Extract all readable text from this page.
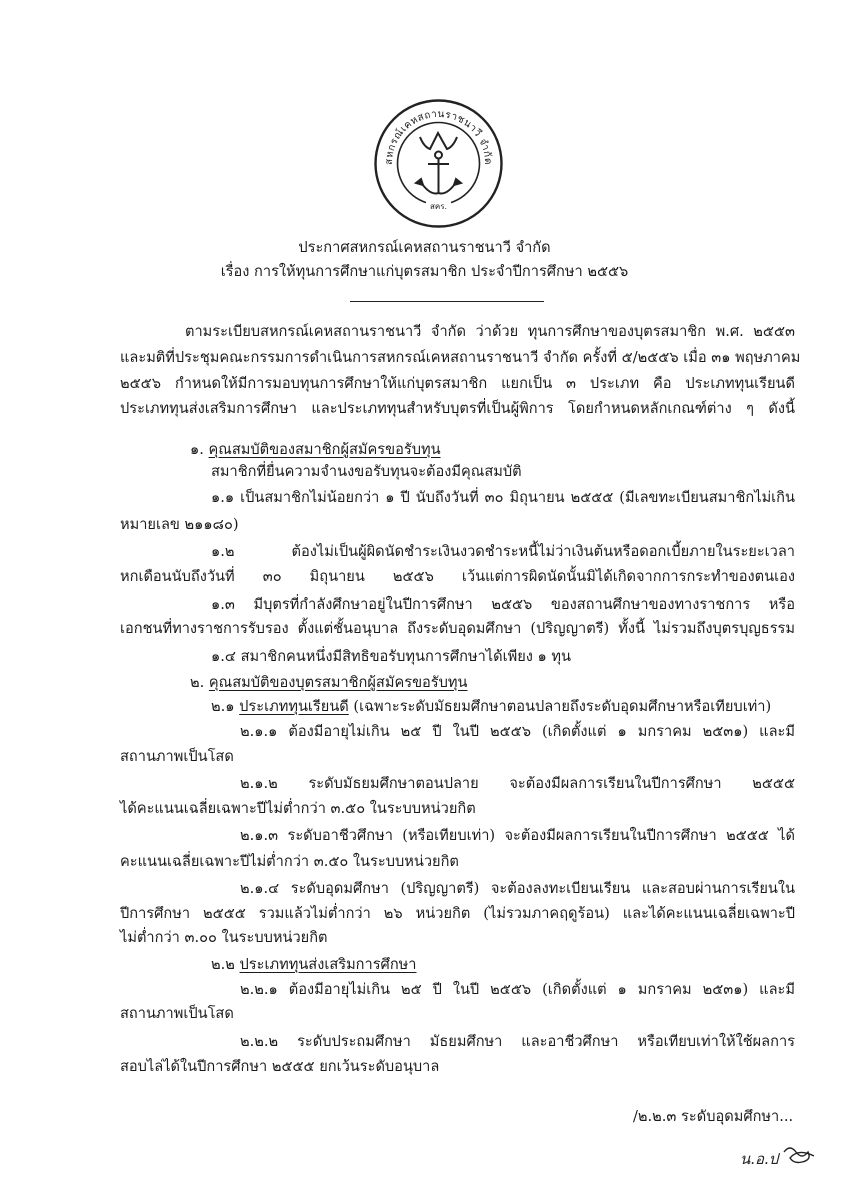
สหกรณ์เคหสถานราชนาวี จำกัด
สคร.
ประกาศสหกรณ์เคหสถานราชนาวี จำกัด
เรื่อง การให้ทุนการศึกษาแก่บุตรสมาชิก ประจำปีการศึกษา ๒๕๕๖
ตามระเบียบสหกรณ์เคหสถานราชนาวี จำกัด ว่าด้วย ทุนการศึกษาของบุตรสมาชิก พ.ศ. ๒๕๕๓
และมติที่ประชุมคณะกรรมการดำเนินการสหกรณ์เคหสถานราชนาวี จำกัด ครั้งที่ ๕/๒๕๕๖ เมื่อ ๓๑ พฤษภาคม
๒๕๕๖ กำหนดให้มีการมอบทุนการศึกษาให้แก่บุตรสมาชิก แยกเป็น ๓ ประเภท คือ ประเภททุนเรียนดี
ประเภททุนส่งเสริมการศึกษา และประเภททุนสำหรับบุตรที่เป็นผู้พิการ โดยกำหนดหลักเกณฑ์ต่าง ๆ ดังนี้
๑. คุณสมบัติของสมาชิกผู้สมัครขอรับทุน
สมาชิกที่ยื่นความจำนงขอรับทุนจะต้องมีคุณสมบัติ
๑.๑ เป็นสมาชิกไม่น้อยกว่า ๑ ปี นับถึงวันที่ ๓๐ มิถุนายน ๒๕๕๕ (มีเลขทะเบียนสมาชิกไม่เกิน
หมายเลข ๒๑๑๘๐)
๑.๒ ต้องไม่เป็นผู้ผิดนัดชำระเงินงวดชำระหนี้ไม่ว่าเงินต้นหรือดอกเบี้ยภายในระยะเวลา
หกเดือนนับถึงวันที่ ๓๐ มิถุนายน ๒๕๕๖ เว้นแต่การผิดนัดนั้นมิได้เกิดจากการกระทำของตนเอง
๑.๓ มีบุตรที่กำลังศึกษาอยู่ในปีการศึกษา ๒๕๕๖ ของสถานศึกษาของทางราชการ หรือ
เอกชนที่ทางราชการรับรอง ตั้งแต่ชั้นอนุบาล ถึงระดับอุดมศึกษา (ปริญญาตรี) ทั้งนี้ ไม่รวมถึงบุตรบุญธรรม
๑.๔ สมาชิกคนหนึ่งมีสิทธิขอรับทุนการศึกษาได้เพียง ๑ ทุน
๒. คุณสมบัติของบุตรสมาชิกผู้สมัครขอรับทุน
๒.๑ ประเภททุนเรียนดี (เฉพาะระดับมัธยมศึกษาตอนปลายถึงระดับอุดมศึกษาหรือเทียบเท่า)
๒.๑.๑ ต้องมีอายุไม่เกิน ๒๕ ปี ในปี ๒๕๕๖ (เกิดตั้งแต่ ๑ มกราคม ๒๕๓๑) และมี
สถานภาพเป็นโสด
๒.๑.๒ ระดับมัธยมศึกษาตอนปลาย จะต้องมีผลการเรียนในปีการศึกษา ๒๕๕๕
ได้คะแนนเฉลี่ยเฉพาะปีไม่ต่ำกว่า ๓.๕๐ ในระบบหน่วยกิต
๒.๑.๓ ระดับอาชีวศึกษา (หรือเทียบเท่า) จะต้องมีผลการเรียนในปีการศึกษา ๒๕๕๕ ได้
คะแนนเฉลี่ยเฉพาะปีไม่ต่ำกว่า ๓.๕๐ ในระบบหน่วยกิต
๒.๑.๔ ระดับอุดมศึกษา (ปริญญาตรี) จะต้องลงทะเบียนเรียน และสอบผ่านการเรียนใน
ปีการศึกษา ๒๕๕๕ รวมแล้วไม่ต่ำกว่า ๒๖ หน่วยกิต (ไม่รวมภาคฤดูร้อน) และได้คะแนนเฉลี่ยเฉพาะปี
ไม่ต่ำกว่า ๓.๐๐ ในระบบหน่วยกิต
๒.๒ ประเภททุนส่งเสริมการศึกษา
๒.๒.๑ ต้องมีอายุไม่เกิน ๒๕ ปี ในปี ๒๕๕๖ (เกิดตั้งแต่ ๑ มกราคม ๒๕๓๑) และมี
สถานภาพเป็นโสด
๒.๒.๒ ระดับประถมศึกษา มัธยมศึกษา และอาชีวศึกษา หรือเทียบเท่าให้ใช้ผลการ
สอบไล่ได้ในปีการศึกษา ๒๕๕๕ ยกเว้นระดับอนุบาล
/๒.๒.๓ ระดับอุดมศึกษา...
น.อ.ป
